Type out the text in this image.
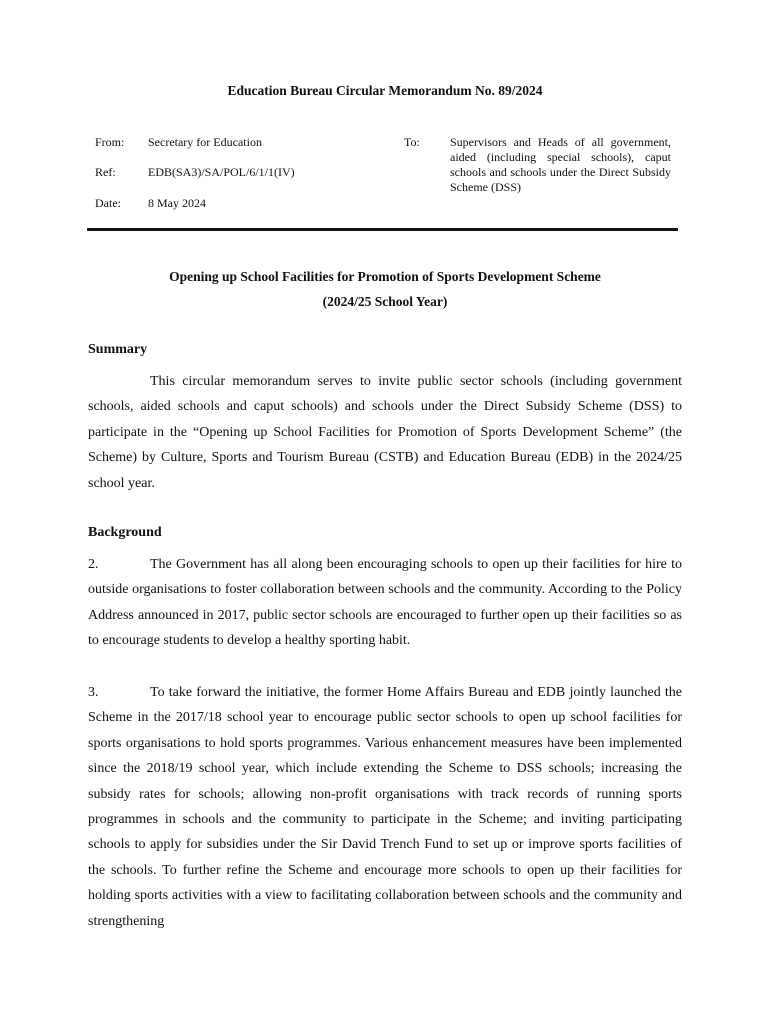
Education Bureau Circular Memorandum No. 89/2024
From: Secretary for Education
Ref:	EDB(SA3)/SA/POL/6/1/1(IV)
Date: 8 May 2024
To:	Supervisors and Heads of all government, aided (including special schools), caput schools and schools under the Direct Subsidy Scheme (DSS)
Opening up School Facilities for Promotion of Sports Development Scheme
(2024/25 School Year)
Summary
This circular memorandum serves to invite public sector schools (including government schools, aided schools and caput schools) and schools under the Direct Subsidy Scheme (DSS) to participate in the “Opening up School Facilities for Promotion of Sports Development Scheme” (the Scheme) by Culture, Sports and Tourism Bureau (CSTB) and Education Bureau (EDB) in the 2024/25 school year.
Background
2.	The Government has all along been encouraging schools to open up their facilities for hire to outside organisations to foster collaboration between schools and the community. According to the Policy Address announced in 2017, public sector schools are encouraged to further open up their facilities so as to encourage students to develop a healthy sporting habit.
3.	To take forward the initiative, the former Home Affairs Bureau and EDB jointly launched the Scheme in the 2017/18 school year to encourage public sector schools to open up school facilities for sports organisations to hold sports programmes. Various enhancement measures have been implemented since the 2018/19 school year, which include extending the Scheme to DSS schools; increasing the subsidy rates for schools; allowing non-profit organisations with track records of running sports programmes in schools and the community to participate in the Scheme; and inviting participating schools to apply for subsidies under the Sir David Trench Fund to set up or improve sports facilities of the schools. To further refine the Scheme and encourage more schools to open up their facilities for holding sports activities with a view to facilitating collaboration between schools and the community and strengthening
